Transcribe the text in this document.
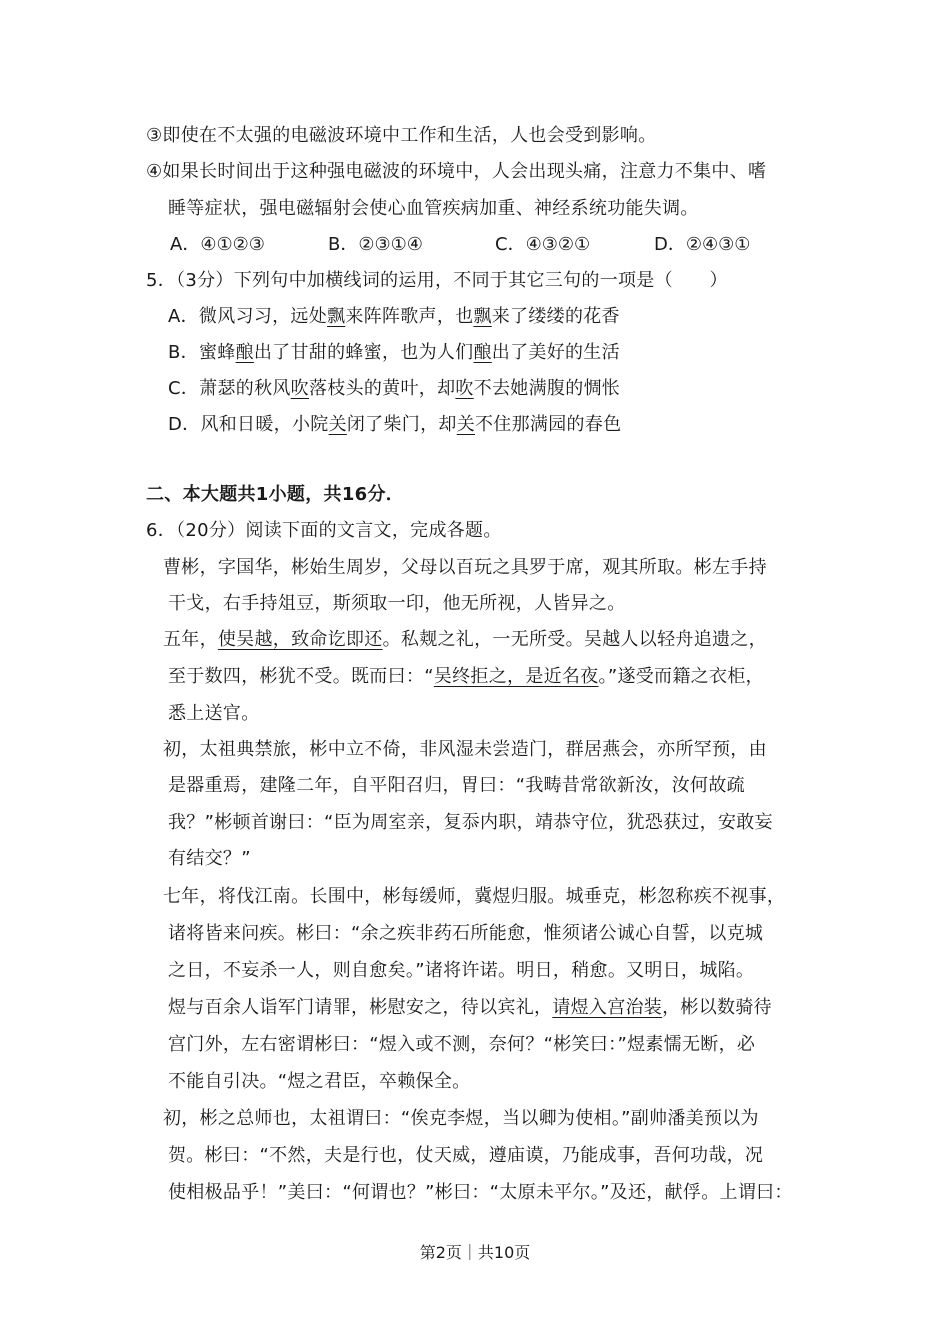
③即使在不太强的电磁波环境中工作和生活，人也会受到影响。
④如果长时间出于这种强电磁波的环境中，人会出现头痛，注意力不集中、嗜
睡等症状，强电磁辐射会使心血管疾病加重、神经系统功能失调。
A．④①②③	B．②③①④	C．④③②①	D．②④③①
5．（3分）下列句中加横线词的运用，不同于其它三句的一项是（　　）
A．微风习习，远处飘来阵阵歌声，也飘来了缕缕的花香
B．蜜蜂酿出了甘甜的蜂蜜，也为人们酿出了美好的生活
C．萧瑟的秋风吹落枝头的黄叶，却吹不去她满腹的惆怅
D．风和日暖，小院关闭了柴门，却关不住那满园的春色
二、本大题共1小题，共16分．
6．（20分）阅读下面的文言文，完成各题。
曹彬，字国华，彬始生周岁，父母以百玩之具罗于席，观其所取。彬左手持
干戈，右手持俎豆，斯须取一印，他无所视，人皆异之。
五年，使吴越，致命讫即还。私觌之礼，一无所受。吴越人以轻舟追遗之，
至于数四，彬犹不受。既而曰：“吴终拒之，是近名夜。”遂受而籍之衣柜，
悉上送官。
初，太祖典禁旅，彬中立不倚，非风湿未尝造门，群居燕会，亦所罕预，由
是器重焉，建隆二年，自平阳召归，胃曰：“我畴昔常欲新汝，汝何故疏
我？”彬顿首谢曰：“臣为周室亲，复忝内职，靖恭守位，犹恐获过，安敢妄
有结交？”
七年，将伐江南。长围中，彬每缓师，冀煜归服。城垂克，彬忽称疾不视事，
诸将皆来问疾。彬曰：“余之疾非药石所能愈，惟须诸公诚心自誓，以克城
之日，不妄杀一人，则自愈矣。”诸将许诺。明日，稍愈。又明日，城陷。
煜与百余人诣军门请罪，彬慰安之，待以宾礼，请煜入宫治装，彬以数骑待
宫门外，左右密谓彬曰：“煜入或不测，奈何？“彬笑曰：”煜素懦无断，必
不能自引决。“煜之君臣，卒赖保全。
初，彬之总师也，太祖谓曰：“俟克李煜，当以卿为使相。”副帅潘美预以为
贺。彬曰：“不然，夫是行也，仗天威，遵庙谟，乃能成事，吾何功哉，况
使相极品乎！”美曰：“何谓也？”彬曰：“太原未平尔。”及还，献俘。上谓曰：
第2页｜共10页
